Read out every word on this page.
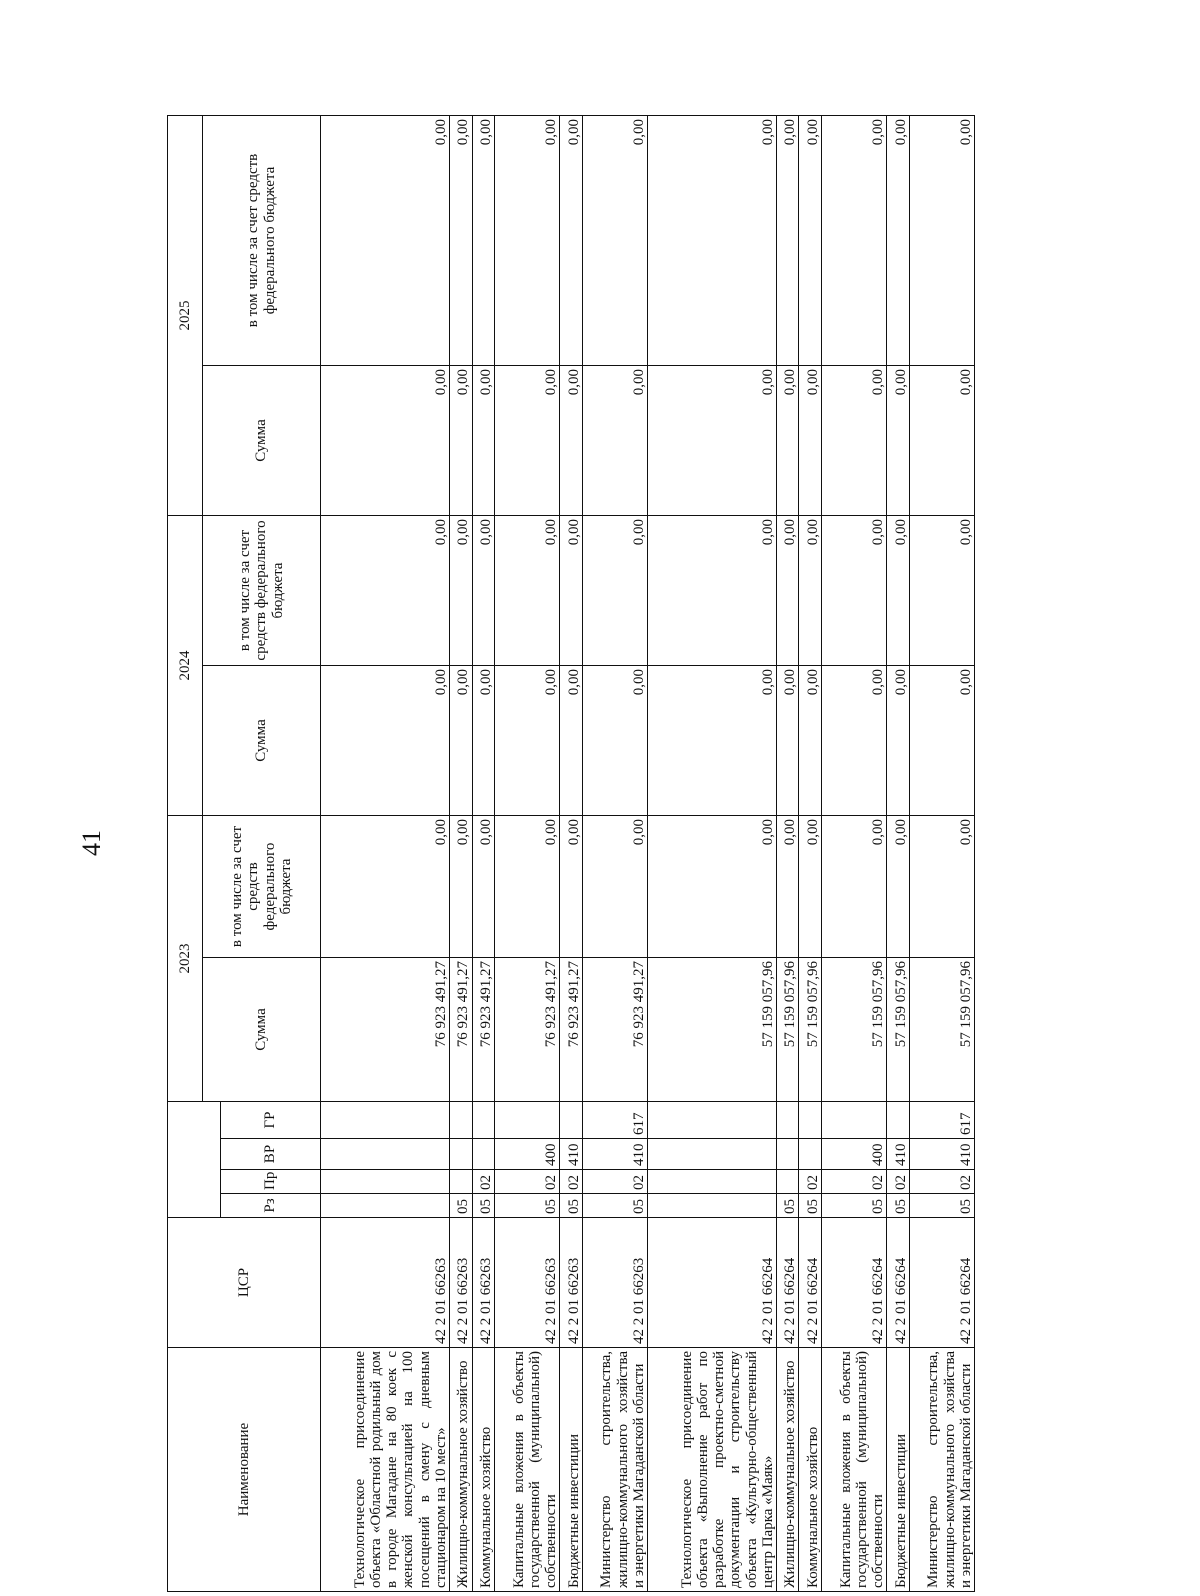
41
Наименование	ЦСР					2023		2024		2025	
						Сумма	в том числе за счет средств федерального бюджета	Сумма	в том числе за счет средств федерального бюджета	Сумма	в том числе за счет средств федерального бюджета
		Рз	Пр	ВР	ГР						
Технологическое присоединение объекта «Областной родильный дом в городе Магадане на 80 коек с женской консультацией на 100 посещений в смену с дневным стационаром на 10 мест»	42 2 01 66263					76 923 491,27	0,00	0,00	0,00	0,00	0,00
Жилищно-коммунальное хозяйство	42 2 01 66263	05				76 923 491,27	0,00	0,00	0,00	0,00	0,00
Коммунальное хозяйство	42 2 01 66263	05	02			76 923 491,27	0,00	0,00	0,00	0,00	0,00
Капитальные вложения в объекты государственной (муниципальной) собственности	42 2 01 66263	05	02	400		76 923 491,27	0,00	0,00	0,00	0,00	0,00
Бюджетные инвестиции	42 2 01 66263	05	02	410		76 923 491,27	0,00	0,00	0,00	0,00	0,00
Министерство строительства, жилищно-коммунального хозяйства и энергетики Магаданской области	42 2 01 66263	05	02	410	617	76 923 491,27	0,00	0,00	0,00	0,00	0,00
Технологическое присоединение объекта «Выполнение работ по разработке проектно-сметной документации и строительству объекта «Культурно-общественный центр Парка «Маяк»	42 2 01 66264					57 159 057,96	0,00	0,00	0,00	0,00	0,00
Жилищно-коммунальное хозяйство	42 2 01 66264	05				57 159 057,96	0,00	0,00	0,00	0,00	0,00
Коммунальное хозяйство	42 2 01 66264	05	02			57 159 057,96	0,00	0,00	0,00	0,00	0,00
Капитальные вложения в объекты государственной (муниципальной) собственности	42 2 01 66264	05	02	400		57 159 057,96	0,00	0,00	0,00	0,00	0,00
Бюджетные инвестиции	42 2 01 66264	05	02	410		57 159 057,96	0,00	0,00	0,00	0,00	0,00
Министерство строительства, жилищно-коммунального хозяйства и энергетики Магаданской области	42 2 01 66264	05	02	410	617	57 159 057,96	0,00	0,00	0,00	0,00	0,00
